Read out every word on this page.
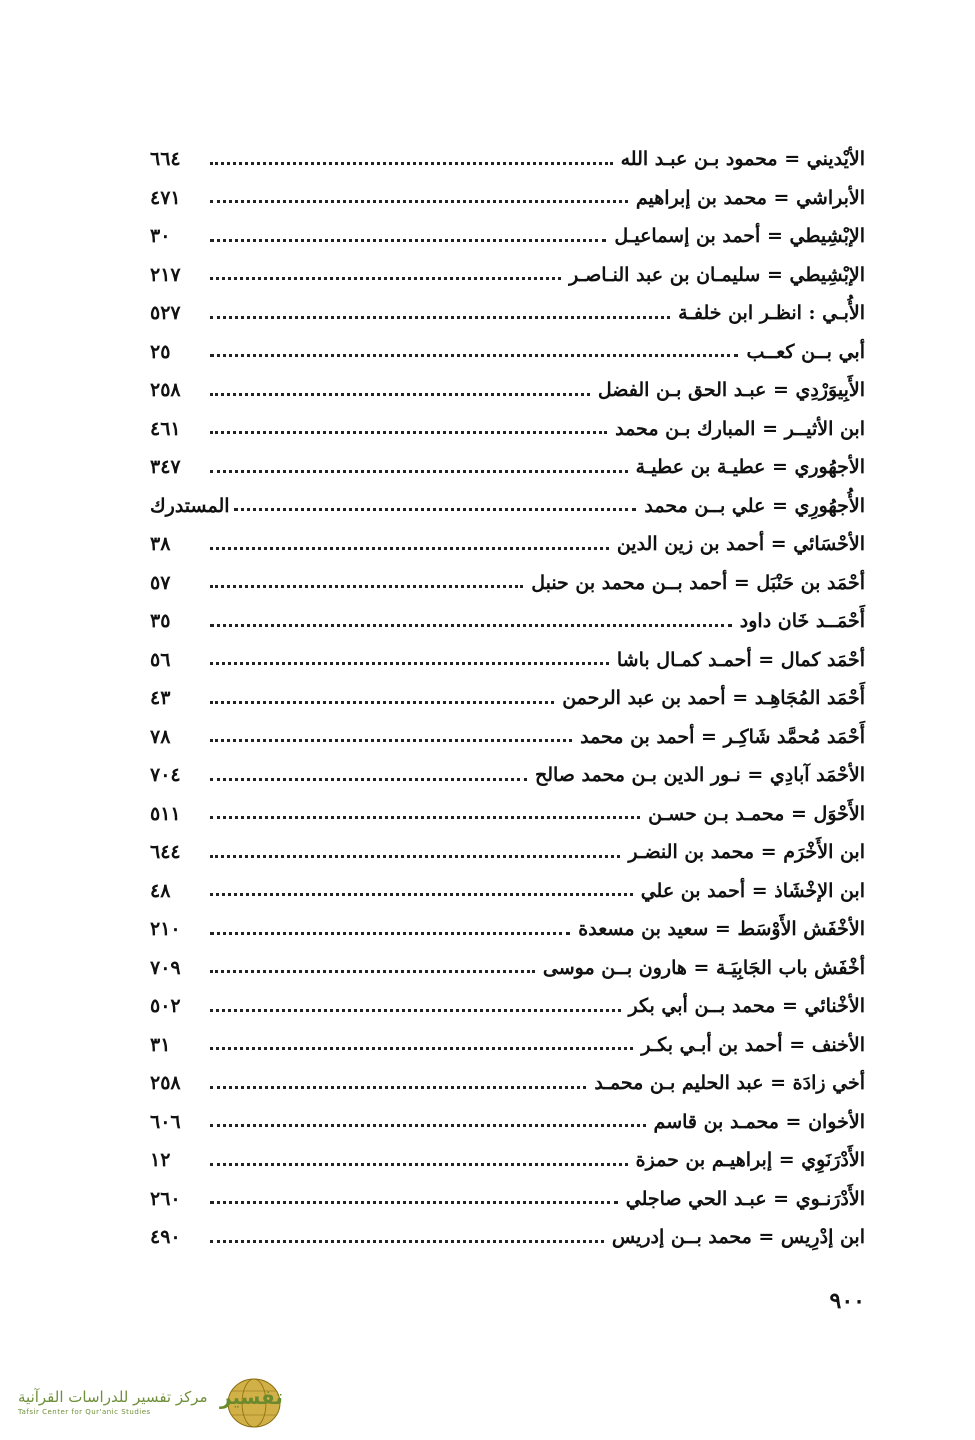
الأيْديني = محمود بـن عبـد الله
٦٦٤
الأبراشي = محمد بن إبراهيم
٤٧١
الإبْشِيطي = أحمد بن إسماعيـل
٣٠
الإبْشِيطي = سليمـان بن عبد النـاصـر
٢١٧
الأُبـي : انظـر ابن خلفـة
٥٢٧
أبي بــن كعــب
٢٥
الأَبِيوَرْدِي = عبـد الحق بـن الفضل
٢٥٨
ابن الأثيــر = المبارك بـن محمد
٤٦١
الأجهُوري = عطيـة بن عطيـة
٣٤٧
الأُجهُورِي = علي بــن محمد
المستدرك
الأحْسَائي = أحمد بن زين الدين
٣٨
أحْمَد بن حَنْبَل = أحمد بــن محمد بن حنبل
٥٧
أَحْمَــد خَان داود
٣٥
أحْمَد كمال = أحمـد كمـال باشا
٥٦
أَحْمَد المُجَاهِـد = أحمد بن عبد الرحمن
٤٣
أَحْمَد مُحمَّد شَاكِـر = أحمد بن محمد
٧٨
الأحْمَد آبادِي = نـور الدين بـن محمد صالح
٧٠٤
الأَحْوَل = محمـد بـن حسـن
٥١١
ابن الأَخْرَم = محمد بن النضـر
٦٤٤
ابن الإخْشَاذ = أحمد بن علي
٤٨
الأخْفَش الأَوْسَط = سعيد بن مسعدة
٢١٠
أخْفَش باب الجَابِيَـة = هارون بــن موسى
٧٠٩
الأخْنائي = محمد بــن أبي بكر
٥٠٢
الأخنف = أحمد بن أبـي بكـر
٣١
أخي زادَة = عبد الحليم بـن محمـد
٢٥٨
الأخوان = محمـد بن قاسم
٦٠٦
الأَدْرَنَوِي = إبراهيـم بن حمزة
١٢
الأَدْرَنـوي = عبـد الحي صاجلي
٢٦٠
ابن إدْرِيس = محمد بــن إدريس
٤٩٠
٩٠٠
مركز تفسير للدراسات القرآنية
Tafsir Center for Qur'anic Studies
تفسير
